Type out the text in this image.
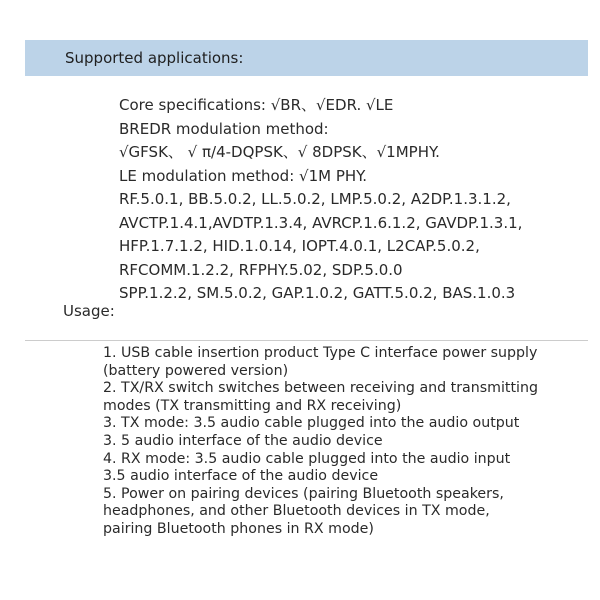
Supported applications:
Core specifications: √BR、√EDR. √LE
BREDR modulation method:
√GFSK、 √ π/4-DQPSK、√ 8DPSK、√1MPHY.
LE modulation method: √1M PHY.
RF.5.0.1, BB.5.0.2, LL.5.0.2, LMP.5.0.2, A2DP.1.3.1.2,
AVCTP.1.4.1,AVDTP.1.3.4, AVRCP.1.6.1.2, GAVDP.1.3.1,
HFP.1.7.1.2, HID.1.0.14, IOPT.4.0.1, L2CAP.5.0.2,
RFCOMM.1.2.2, RFPHY.5.02, SDP.5.0.0
SPP.1.2.2, SM.5.0.2, GAP.1.0.2, GATT.5.0.2, BAS.1.0.3
Usage:
1. USB cable insertion product Type C interface power supply
(battery powered version)
2. TX/RX switch switches between receiving and transmitting
modes (TX transmitting and RX receiving)
3. TX mode: 3.5 audio cable plugged into the audio output
3. 5 audio interface of the audio device
4. RX mode: 3.5 audio cable plugged into the audio input
3.5 audio interface of the audio device
5. Power on pairing devices (pairing Bluetooth speakers,
headphones, and other Bluetooth devices in TX mode,
pairing Bluetooth phones in RX mode)
